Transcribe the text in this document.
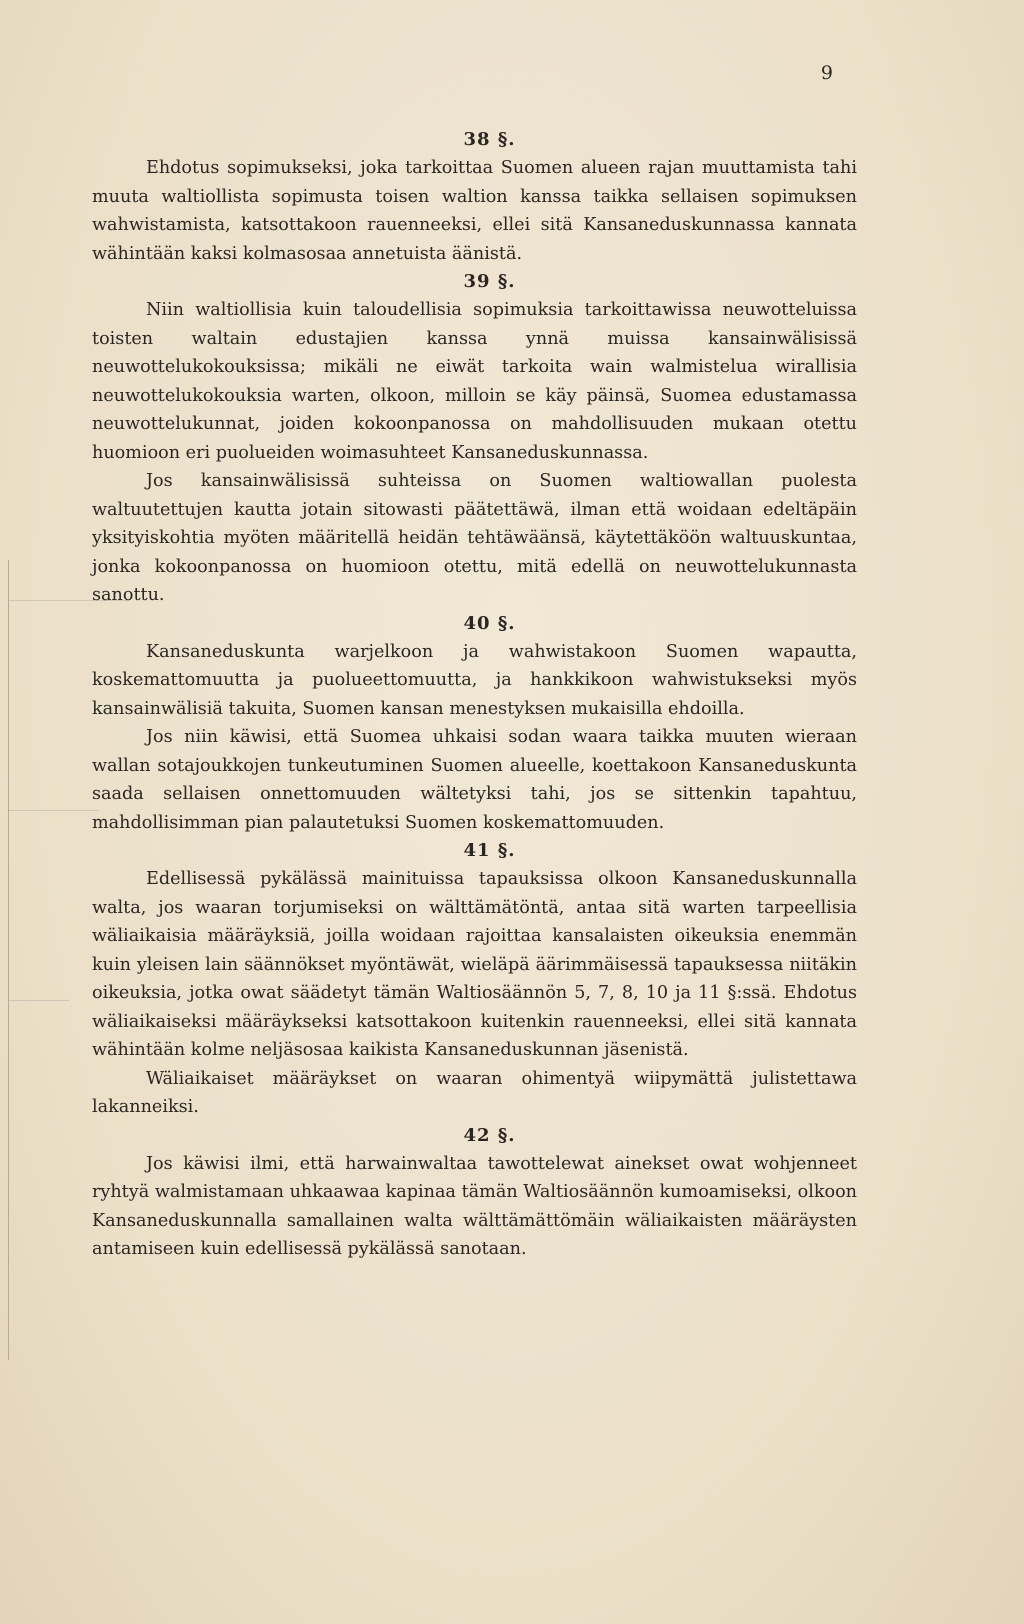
9
38 §.

Ehdotus sopimukseksi, joka tarkoittaa Suomen alueen rajan muuttamista tahi muuta waltiollista sopimusta toisen waltion kanssa taikka sellaisen sopimuksen wahwistamista, katsottakoon rauenneeksi, ellei sitä Kansaneduskunnassa kannata wähintään kaksi kolmasosaa annetuista äänistä.

39 §.

Niin waltiollisia kuin taloudellisia sopimuksia tarkoittawissa neuwotteluissa toisten waltain edustajien kanssa ynnä muissa kansainwälisissä neuwottelukokouksissa; mikäli ne eiwät tarkoita wain walmistelua wirallisia neuwottelukokouksia warten, olkoon, milloin se käy päinsä, Suomea edustamassa neuwottelukunnat, joiden kokoonpanossa on mahdollisuuden mukaan otettu huomioon eri puolueiden woimasuhteet Kansaneduskunnassa.

Jos kansainwälisissä suhteissa on Suomen waltiowallan puolesta waltuutettujen kautta jotain sitowasti päätettäwä, ilman että woidaan edeltäpäin yksityiskohtia myöten määritellä heidän tehtäwäänsä, käytettäköön waltuuskuntaa, jonka kokoonpanossa on huomioon otettu, mitä edellä on neuwottelukunnasta sanottu.

40 §.

Kansaneduskunta warjelkoon ja wahwistakoon Suomen wapautta, koskemattomuutta ja puolueettomuutta, ja hankkikoon wahwistukseksi myös kansainwälisiä takuita, Suomen kansan menestyksen mukaisilla ehdoilla.

Jos niin käwisi, että Suomea uhkaisi sodan waara taikka muuten wieraan wallan sotajoukkojen tunkeutuminen Suomen alueelle, koettakoon Kansaneduskunta saada sellaisen onnettomuuden wältetyksi tahi, jos se sittenkin tapahtuu, mahdollisimman pian palautetuksi Suomen koskemattomuuden.

41 §.

Edellisessä pykälässä mainituissa tapauksissa olkoon Kansaneduskunnalla walta, jos waaran torjumiseksi on wälttämätöntä, antaa sitä warten tarpeellisia wäliaikaisia määräyksiä, joilla woidaan rajoittaa kansalaisten oikeuksia enemmän kuin yleisen lain säännökset myöntäwät, wieläpä äärimmäisessä tapauksessa niitäkin oikeuksia, jotka owat säädetyt tämän Waltiosäännön 5, 7, 8, 10 ja 11 §:ssä. Ehdotus wäliaikaiseksi määräykseksi katsottakoon kuitenkin rauenneeksi, ellei sitä kannata wähintään kolme neljäsosaa kaikista Kansaneduskunnan jäsenistä.

Wäliaikaiset määräykset on waaran ohimentyä wiipymättä julistettawa lakanneiksi.

42 §.

Jos käwisi ilmi, että harwainwaltaa tawottelewat ainekset owat wohjenneet ryhtyä walmistamaan uhkaawaa kapinaa tämän Waltiosäännön kumoamiseksi, olkoon Kansaneduskunnalla samallainen walta wälttämättömäin wäliaikaisten määräysten antamiseen kuin edellisessä pykälässä sanotaan.
